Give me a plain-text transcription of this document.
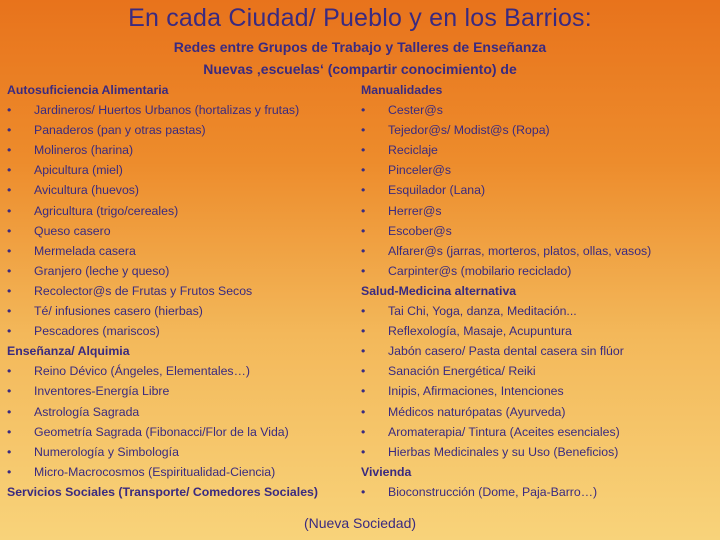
En cada Ciudad/ Pueblo y en los Barrios:
Redes entre Grupos de Trabajo y Talleres de Enseñanza
Nuevas ‚escuelas‘ (compartir conocimiento) de
Autosuficiencia Alimentaria
•	Jardineros/ Huertos Urbanos (hortalizas y frutas)
•	Panaderos (pan y otras pastas)
•	Molineros (harina)
•	Apicultura (miel)
•	Avicultura (huevos)
•	Agricultura (trigo/cereales)
•	Queso casero
•	Mermelada casera
•	Granjero (leche y queso)
•	Recolector@s de Frutas y Frutos Secos
•	Té/ infusiones casero (hierbas)
•	Pescadores (mariscos)
Enseñanza/ Alquimia
•	Reino Dévico (Ángeles, Elementales…)
•	Inventores-Energía Libre
•	Astrología Sagrada
•	Geometría Sagrada (Fibonacci/Flor de la Vida)
•	Numerología y Simbología
•	Micro-Macrocosmos (Espiritualidad-Ciencia)
Servicios Sociales (Transporte/ Comedores Sociales)
Manualidades
•	Cester@s
•	Tejedor@s/ Modist@s (Ropa)
•	Reciclaje
•	Pinceler@s
•	Esquilador (Lana)
•	Herrer@s
•	Escober@s
•	Alfarer@s (jarras, morteros, platos, ollas, vasos)
•	Carpinter@s (mobilario reciclado)
Salud-Medicina alternativa
•	Tai Chi, Yoga, danza, Meditación...
•	Reflexología, Masaje, Acupuntura
•	Jabón casero/ Pasta dental casera sin flúor
•	Sanación Energética/ Reiki
•	Inipis, Afirmaciones, Intenciones
•	Médicos naturópatas (Ayurveda)
•	Aromaterapia/ Tintura (Aceites esenciales)
•	Hierbas Medicinales y su Uso (Beneficios)
Vivienda
•	Bioconstrucción (Dome, Paja-Barro…)
(Nueva Sociedad)
